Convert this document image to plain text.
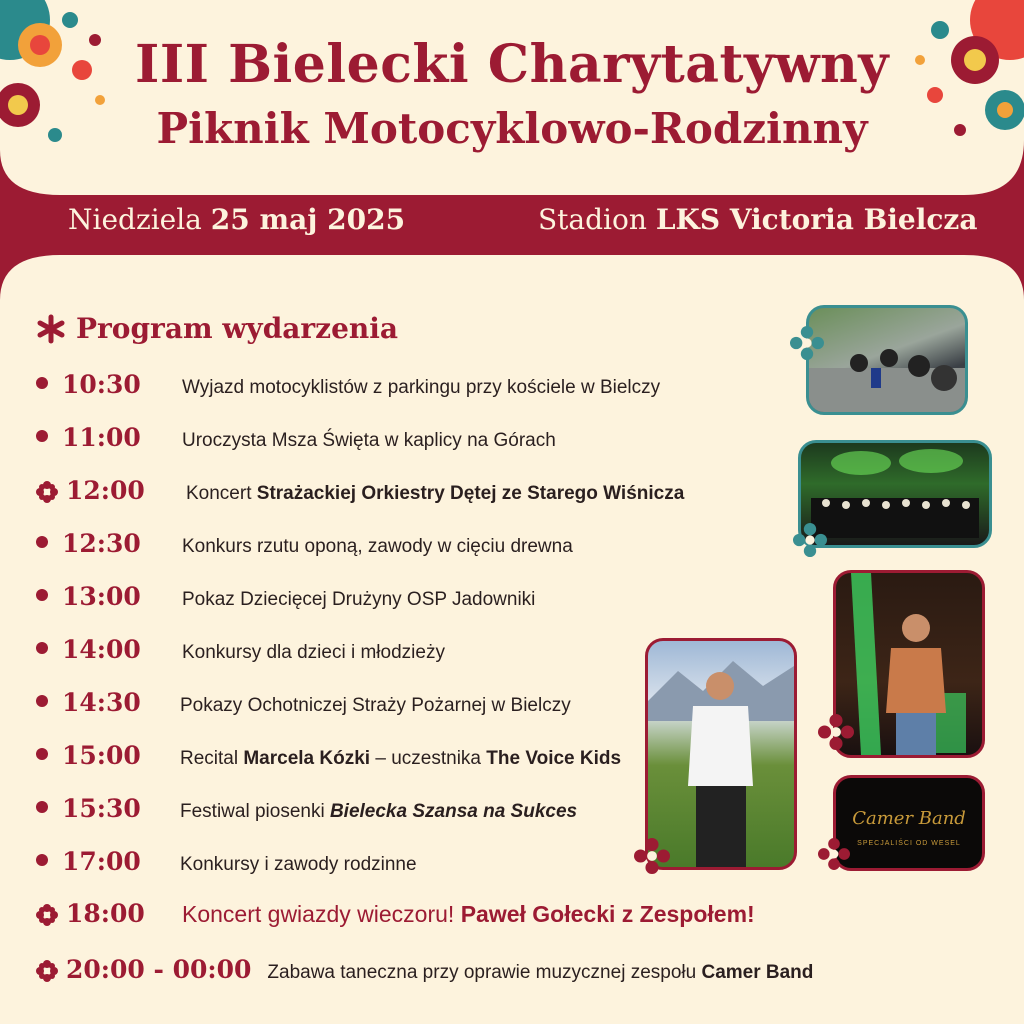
III Bielecki Charytatywny
Piknik Motocyklowo-Rodzinny
Niedziela 25 maj 2025	Stadion LKS Victoria Bielcza
Program wydarzenia
10:30	Wyjazd motocyklistów z parkingu przy kościele w Bielczy
11:00	Uroczysta Msza Święta w kaplicy na Górach
12:00	Koncert Strażackiej Orkiestry Dętej ze Starego Wiśnicza
12:30	Konkurs rzutu oponą, zawody w cięciu drewna
13:00	Pokaz Dziecięcej Drużyny OSP Jadowniki
14:00	Konkursy dla dzieci i młodzieży
14:30	Pokazy Ochotniczej Straży Pożarnej w Bielczy
15:00	Recital Marcela Kózki – uczestnika The Voice Kids
15:30	Festiwal piosenki Bielecka Szansa na Sukces
17:00	Konkursy i zawody rodzinne
18:00	Koncert gwiazdy wieczoru! Paweł Gołecki z Zespołem!
20:00 - 00:00 Zabawa taneczna przy oprawie muzycznej zespołu Camer Band
Camer Band
SPECJALIŚCI OD WESEL
